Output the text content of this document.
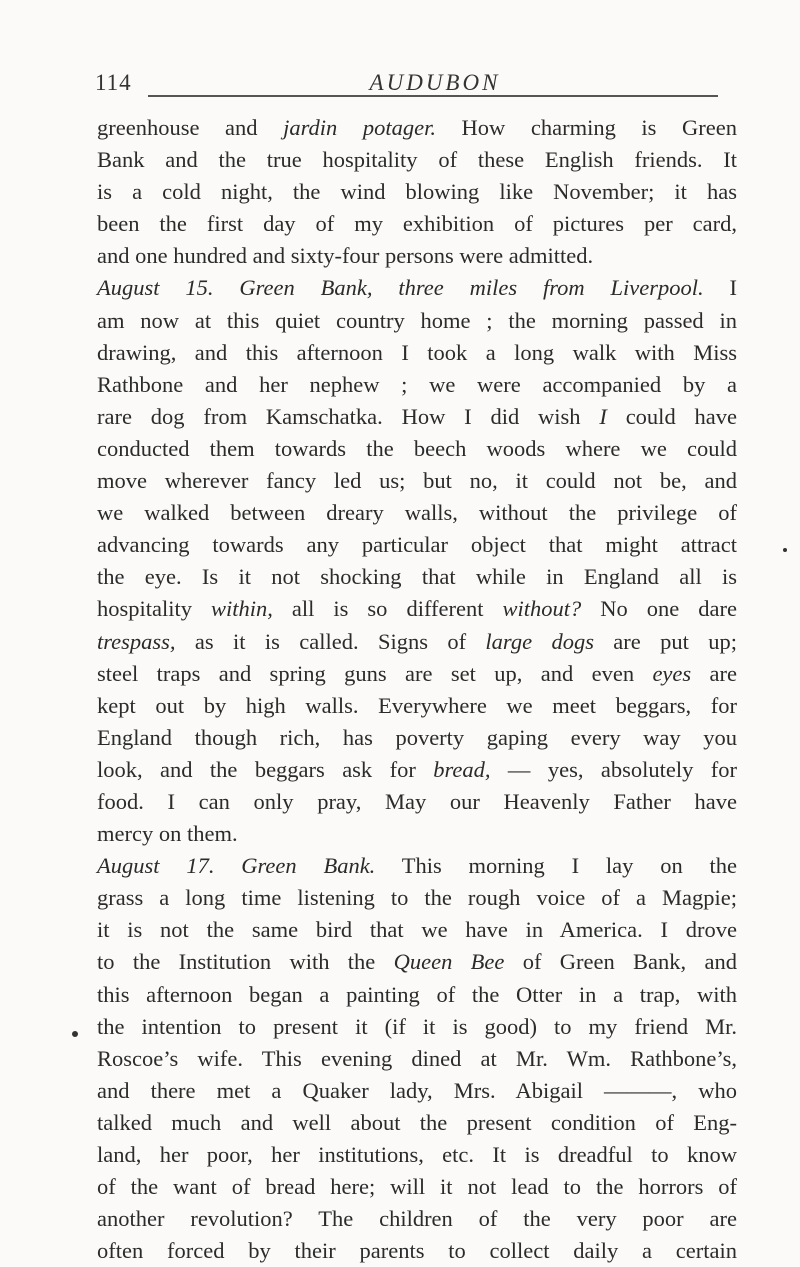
114	AUDUBON
greenhouse and jardin potager. How charming is Green
Bank and the true hospitality of these English friends. It
is a cold night, the wind blowing like November; it has
been the first day of my exhibition of pictures per card,
and one hundred and sixty-four persons were admitted.
August 15. Green Bank, three miles from Liverpool. I
am now at this quiet country home ; the morning passed in
drawing, and this afternoon I took a long walk with Miss
Rathbone and her nephew ; we were accompanied by a
rare dog from Kamschatka. How I did wish I could have
conducted them towards the beech woods where we could
move wherever fancy led us; but no, it could not be, and
we walked between dreary walls, without the privilege of
advancing towards any particular object that might attract
the eye. Is it not shocking that while in England all is
hospitality within, all is so different without? No one dare
trespass, as it is called. Signs of large dogs are put up;
steel traps and spring guns are set up, and even eyes are
kept out by high walls. Everywhere we meet beggars, for
England though rich, has poverty gaping every way you
look, and the beggars ask for bread, — yes, absolutely for
food. I can only pray, May our Heavenly Father have
mercy on them.
August 17. Green Bank. This morning I lay on the
grass a long time listening to the rough voice of a Magpie;
it is not the same bird that we have in America. I drove
to the Institution with the Queen Bee of Green Bank, and
this afternoon began a painting of the Otter in a trap, with
the intention to present it (if it is good) to my friend Mr.
Roscoe’s wife. This evening dined at Mr. Wm. Rathbone’s,
and there met a Quaker lady, Mrs. Abigail ———, who
talked much and well about the present condition of Eng-
land, her poor, her institutions, etc. It is dreadful to know
of the want of bread here; will it not lead to the horrors of
another revolution? The children of the very poor are
often forced by their parents to collect daily a certain
